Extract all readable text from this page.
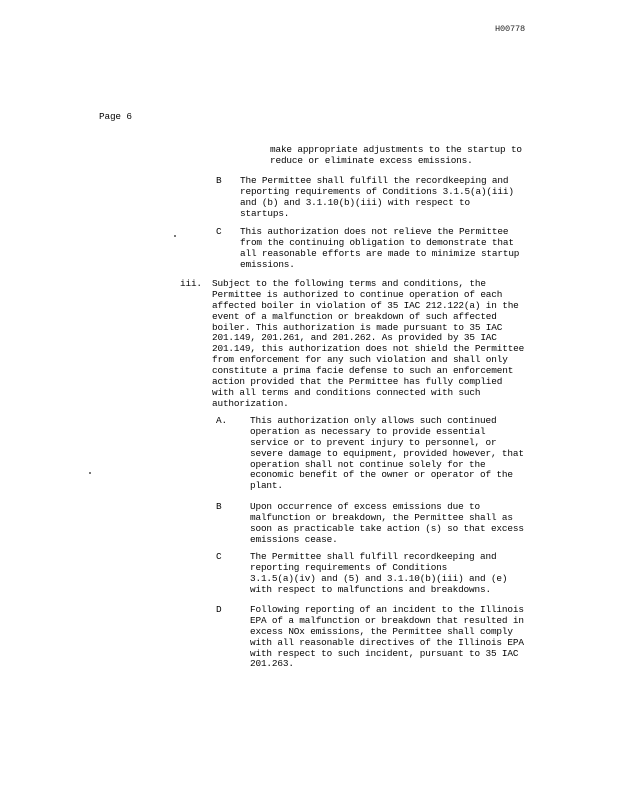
H00778
Page 6
make appropriate adjustments to the startup to
reduce or eliminate excess emissions.
B The Permittee shall fulfill the recordkeeping and
reporting requirements of Conditions 3.1.5(a)(iii)
and (b) and 3.1.10(b)(iii) with respect to
startups.
C This authorization does not relieve the Permittee
from the continuing obligation to demonstrate that
all reasonable efforts are made to minimize startup
emissions.
iii. Subject to the following terms and conditions, the
Permittee is authorized to continue operation of each
affected boiler in violation of 35 IAC 212.122(a) in the
event of a malfunction or breakdown of such affected
boiler. This authorization is made pursuant to 35 IAC
201.149, 201.261, and 201.262. As provided by 35 IAC
201.149, this authorization does not shield the Permittee
from enforcement for any such violation and shall only
constitute a prima facie defense to such an enforcement
action provided that the Permittee has fully complied
with all terms and conditions connected with such
authorization.
A. This authorization only allows such continued
operation as necessary to provide essential
service or to prevent injury to personnel, or
severe damage to equipment, provided however, that
operation shall not continue solely for the
economic benefit of the owner or operator of the
plant.
B	Upon occurrence of excess emissions due to
malfunction or breakdown, the Permittee shall as
soon as practicable take action (s) so that excess
emissions cease.
C	The Permittee shall fulfill recordkeeping and
reporting requirements of Conditions
3.1.5(a)(iv) and (5) and 3.1.10(b)(iii) and (e)
with respect to malfunctions and breakdowns.
D	Following reporting of an incident to the Illinois
EPA of a malfunction or breakdown that resulted in
excess NOx emissions, the Permittee shall comply
with all reasonable directives of the Illinois EPA
with respect to such incident, pursuant to 35 IAC
201.263.
